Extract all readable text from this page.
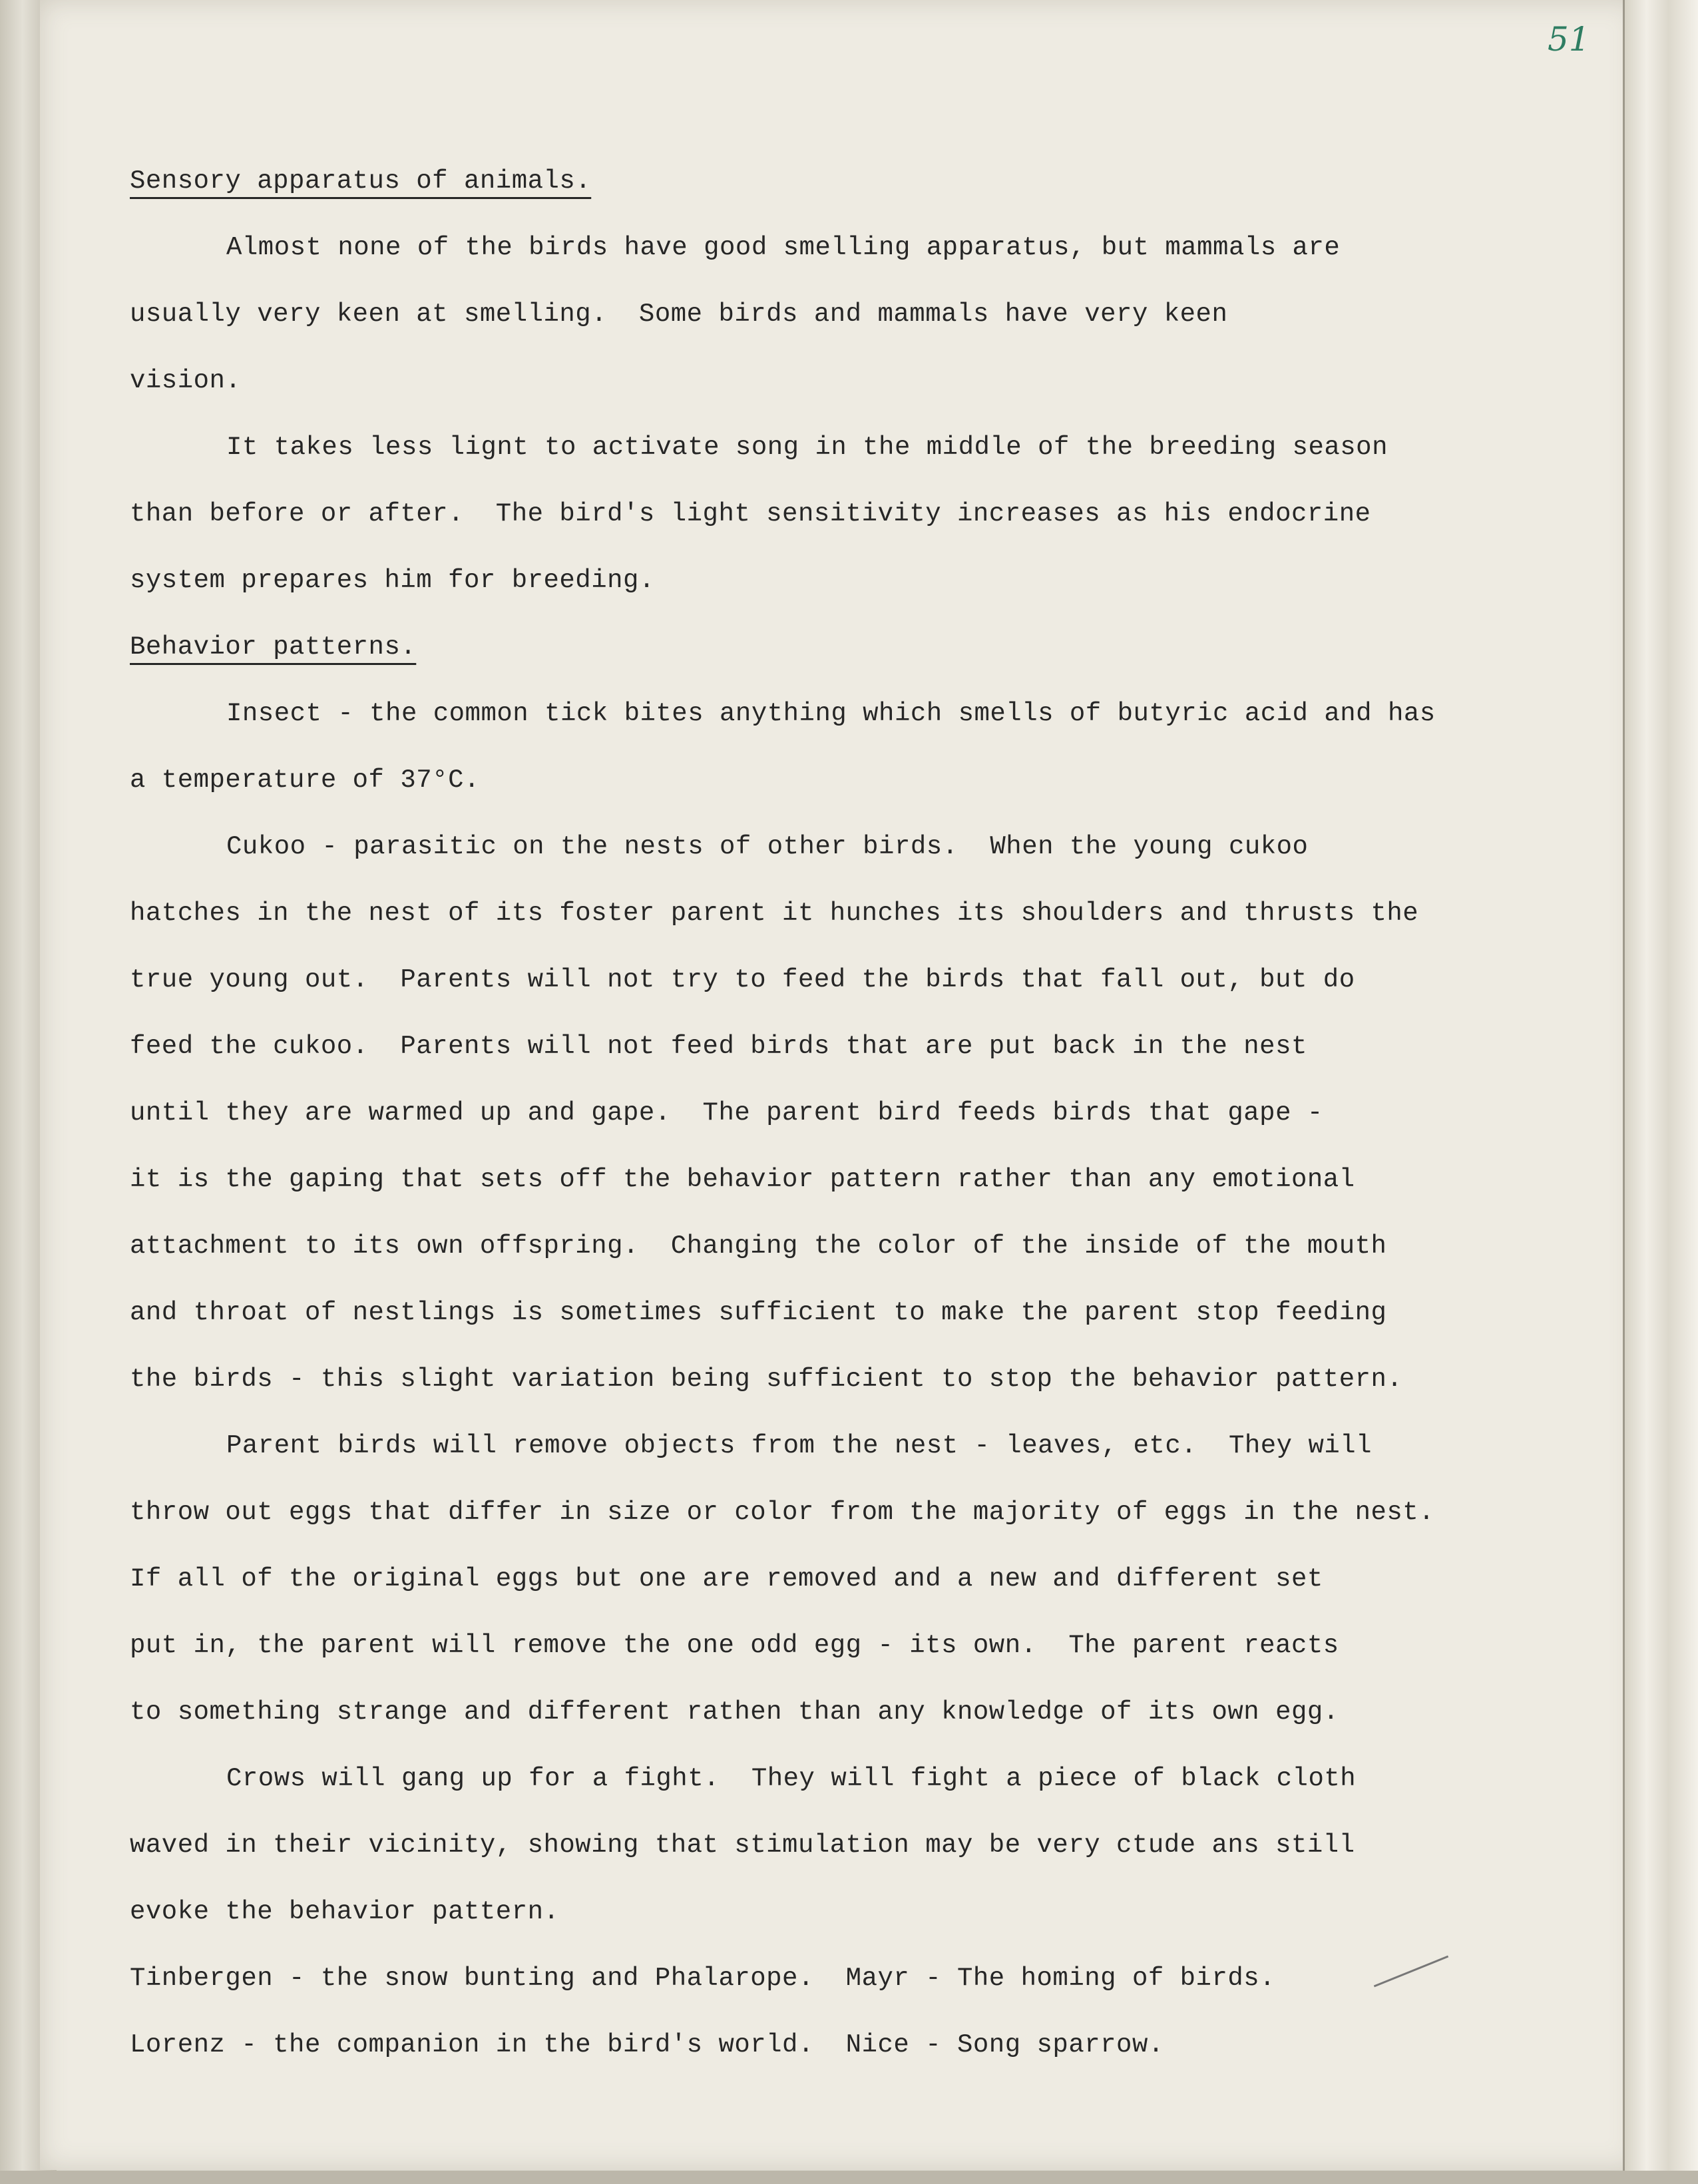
51
Sensory apparatus of animals.
Almost none of the birds have good smelling apparatus, but mammals are
usually very keen at smelling.  Some birds and mammals have very keen
vision.
It takes less lignt to activate song in the middle of the breeding season
than before or after.  The bird's light sensitivity increases as his endocrine
system prepares him for breeding.
Behavior patterns.
Insect - the common tick bites anything which smells of butyric acid and has
a temperature of 37°C.
Cukoo - parasitic on the nests of other birds.  When the young cukoo
hatches in the nest of its foster parent it hunches its shoulders and thrusts the
true young out.  Parents will not try to feed the birds that fall out, but do
feed the cukoo.  Parents will not feed birds that are put back in the nest
until they are warmed up and gape.  The parent bird feeds birds that gape -
it is the gaping that sets off the behavior pattern rather than any emotional
attachment to its own offspring.  Changing the color of the inside of the mouth
and throat of nestlings is sometimes sufficient to make the parent stop feeding
the birds - this slight variation being sufficient to stop the behavior pattern.
Parent birds will remove objects from the nest - leaves, etc.  They will
throw out eggs that differ in size or color from the majority of eggs in the nest.
If all of the original eggs but one are removed and a new and different set
put in, the parent will remove the one odd egg - its own.  The parent reacts
to something strange and different rathen than any knowledge of its own egg.
Crows will gang up for a fight.  They will fight a piece of black cloth
waved in their vicinity, showing that stimulation may be very ctude ans still
evoke the behavior pattern.
Tinbergen - the snow bunting and Phalarope.  Mayr - The homing of birds.
Lorenz - the companion in the bird's world.  Nice - Song sparrow.
